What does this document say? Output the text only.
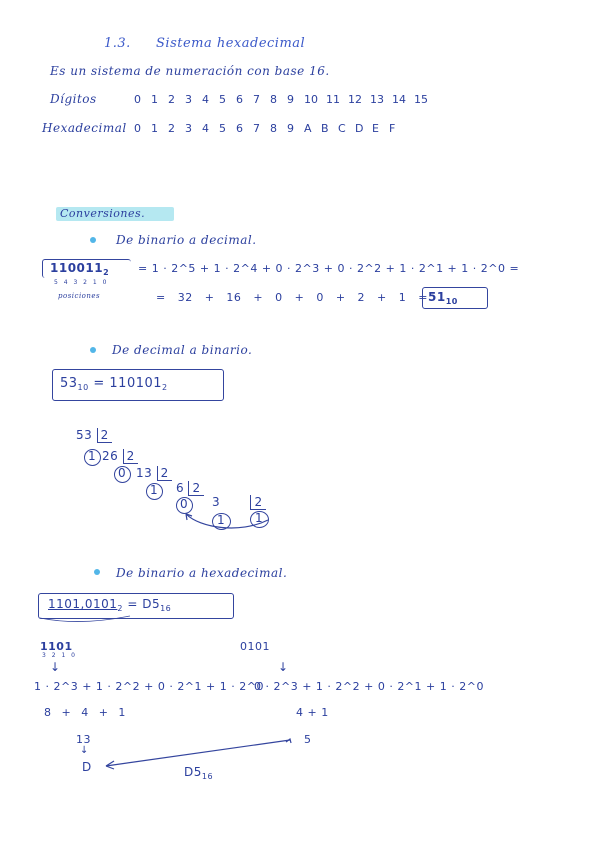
1.3. Sistema hexadecimal
Es un sistema de numeración con base 16.
Dígitos	0 1 2 3 4 5 6 7 8 9 10 11 12 13 14 15
Hexadecimal 0 1 2 3 4 5 6 7 8 9 A B C D E F
Conversiones.
De binario a decimal.
$110011_2$
5 4 3 2 1 0
posiciones
= 1 · 2^5 + 1 · 2^4 + 0 · 2^3 + 0 · 2^2 + 1 · 2^1 + 1 · 2^0 =
= $32 + 16 + 0 + 0 + 2 + 1 = 51_{10}$
De decimal a binario.
$53_{10} = 110101_2$
53 2
1 26 2
0 13 2
1 6 2
0 3	2
1 1
De binario a hexadecimal.
$1101,0101_2 = D5_{16}$
1101
3 2 1 0
↓
1 · 2^3 + 1 · 2^2 + 0 · 2^1 + 1 · 2^0
8 + 4 + 1
13
↓
D
0101
↓
0 · 2^3 + 1 · 2^2 + 0 · 2^1 + 1 · 2^0
4 + 1
5
$D5_{16}$
